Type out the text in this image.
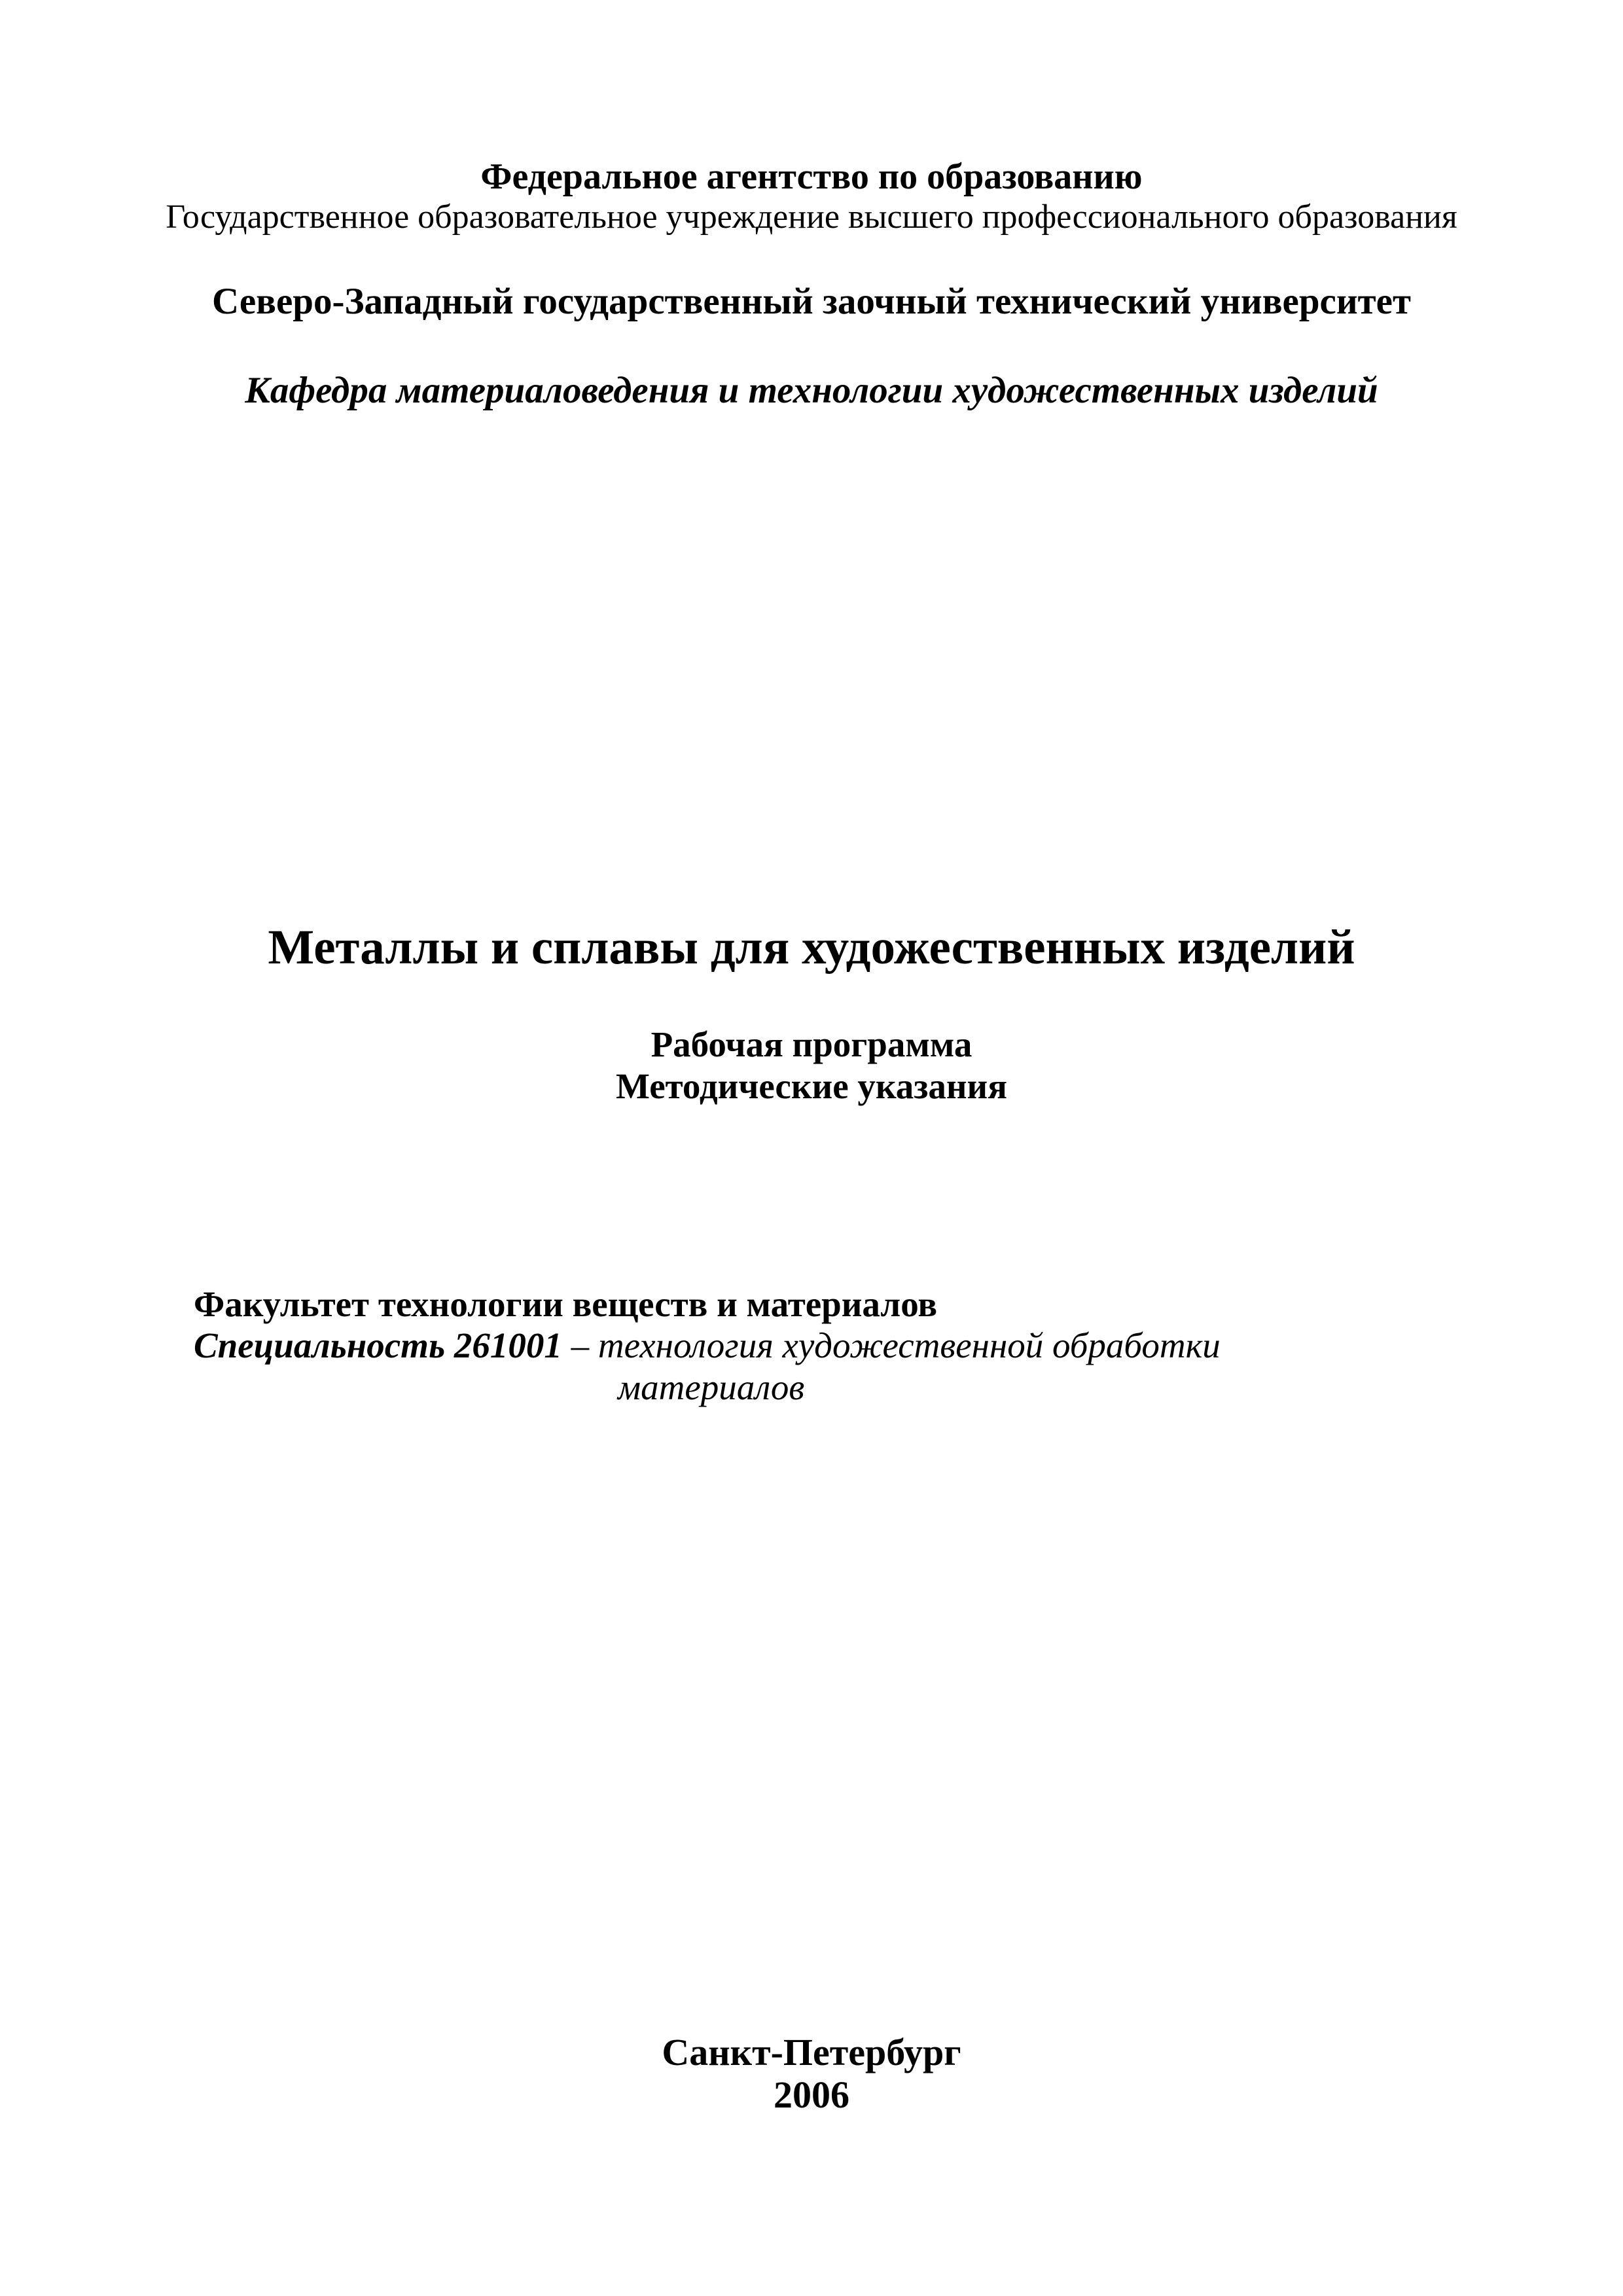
Федеральное агентство по образованию
Государственное образовательное учреждение высшего профессионального образования
Северо-Западный государственный заочный технический университет
Кафедра материаловедения и технологии художественных изделий
Металлы и сплавы для художественных изделий
Рабочая программа
Методические указания
Факультет технологии веществ и материалов
Специальность 261001 – технология художественной обработки
материалов
Санкт-Петербург
2006
